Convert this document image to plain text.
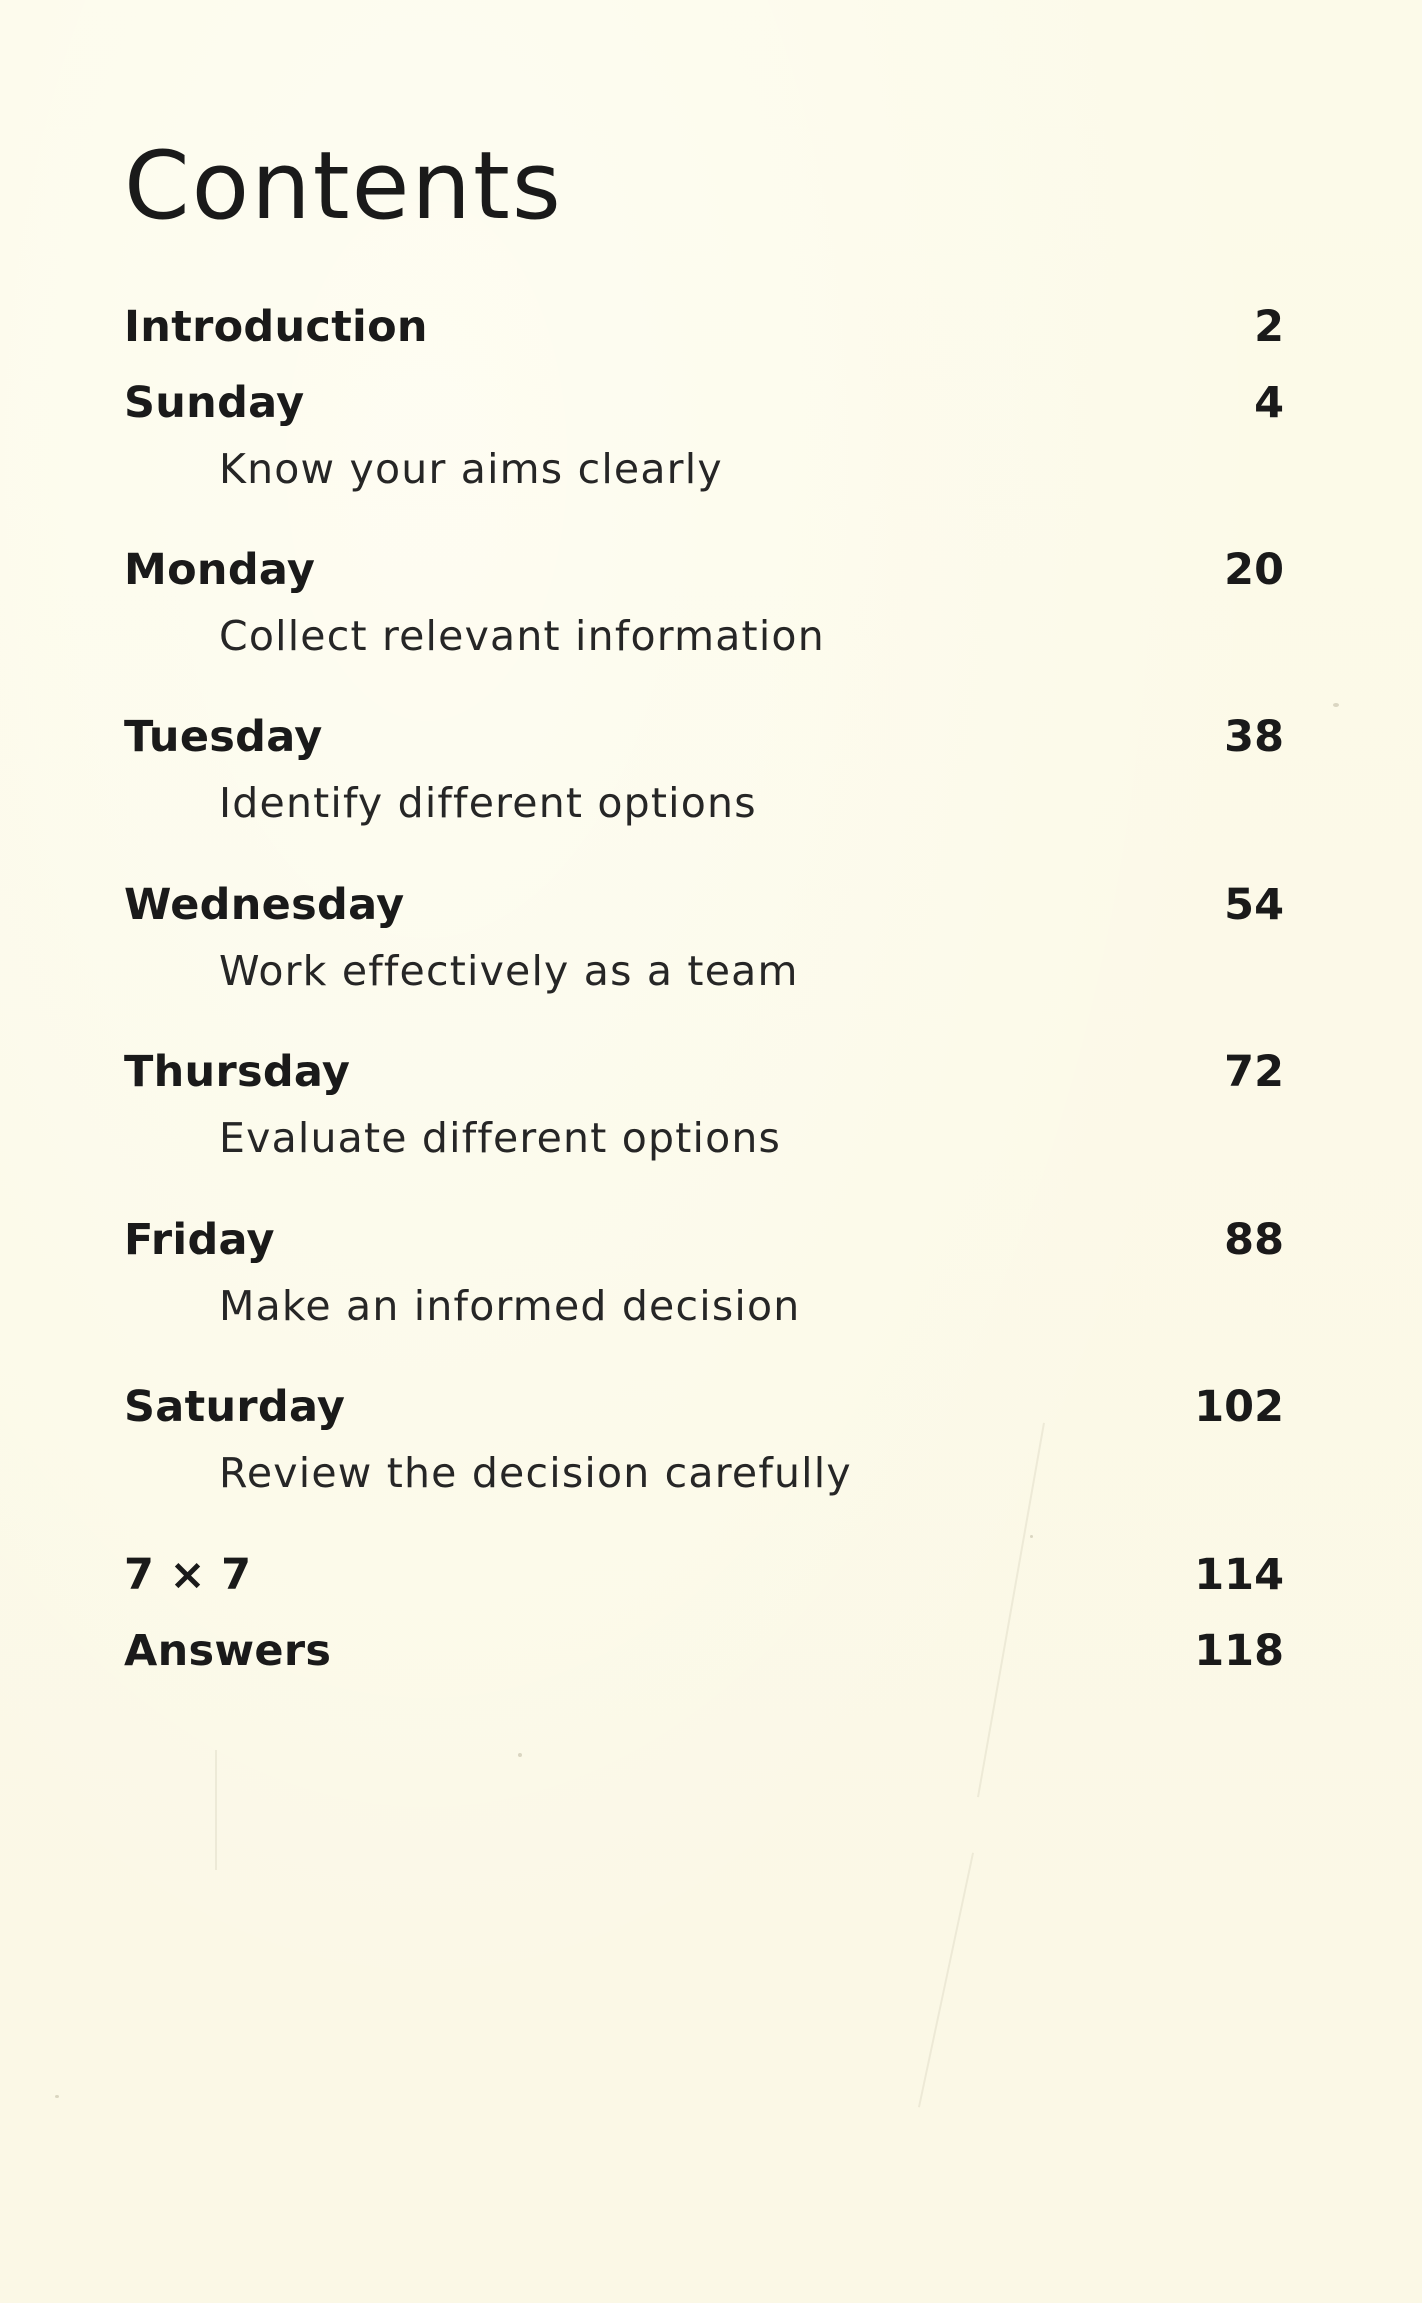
Contents
Introduction	2
Sunday	4
Know your aims clearly
Monday	20
Collect relevant information
Tuesday	38
Identify different options
Wednesday	54
Work effectively as a team
Thursday	72
Evaluate different options
Friday	88
Make an informed decision
Saturday	102
Review the decision carefully
7 × 7	114
Answers	118
